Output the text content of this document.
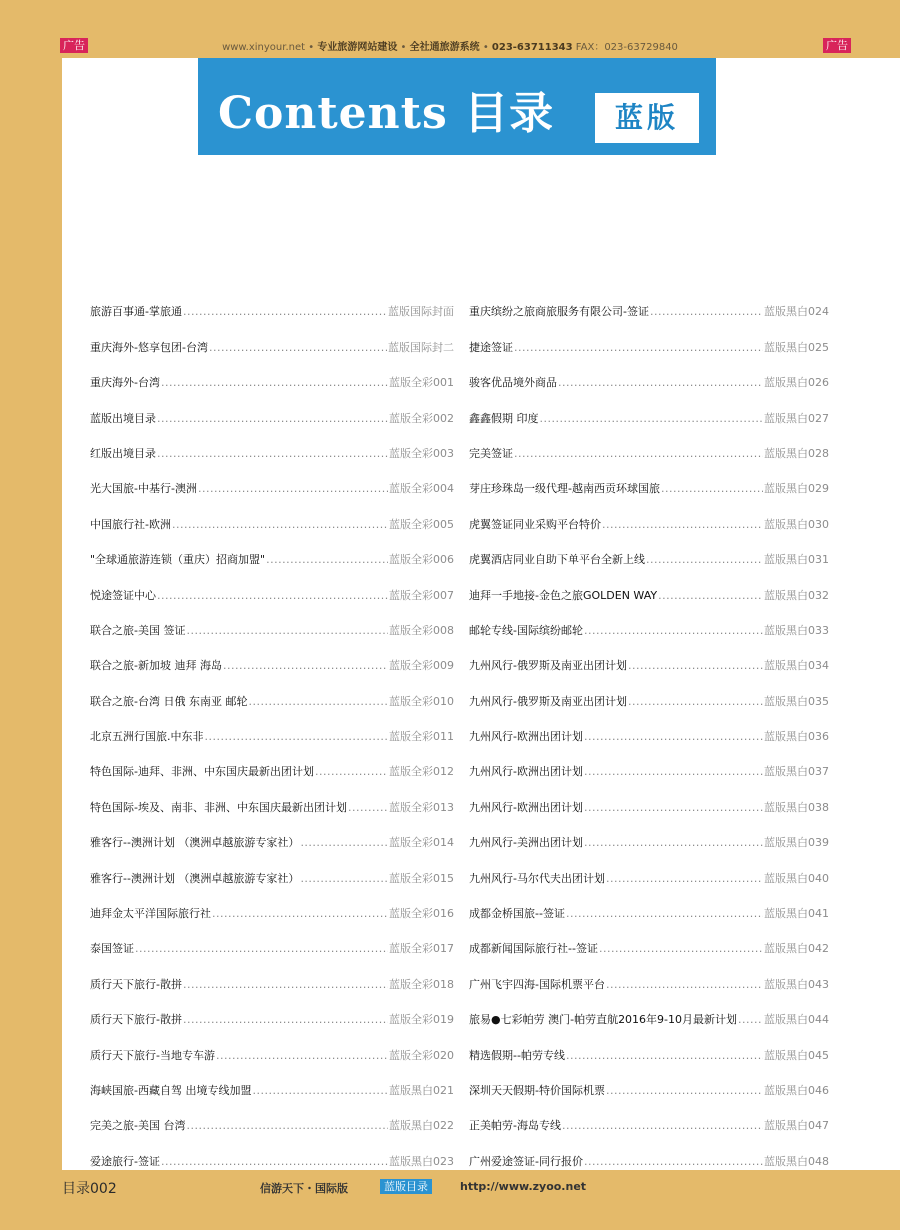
广告	www.xinyour.net • 专业旅游网站建设 • 全社通旅游系统 • 023-63711343 FAX：023-63729840	广告
Contents 目录	蓝版
旅游百事通-掌旅通 .....	蓝版国际封面
重庆海外-悠享包团-台湾 .....	蓝版国际封二
重庆海外-台湾 .....	蓝版全彩001
蓝版出境目录 .....	蓝版全彩002
红版出境目录 .....	蓝版全彩003
光大国旅-中基行-澳洲 .....	蓝版全彩004
中国旅行社-欧洲 .....	蓝版全彩005
"全球通旅游连锁（重庆）招商加盟" .....	蓝版全彩006
悦途签证中心 .....	蓝版全彩007
联合之旅-美国 签证 .....	蓝版全彩008
联合之旅-新加坡 迪拜 海岛 .....	蓝版全彩009
联合之旅-台湾 日俄 东南亚 邮轮 .....	蓝版全彩010
北京五洲行国旅.中东非 .....	蓝版全彩011
特色国际-迪拜、非洲、中东国庆最新出团计划 .....	蓝版全彩012
特色国际-埃及、南非、非洲、中东国庆最新出团计划 .....	蓝版全彩013
雅客行--澳洲计划 （澳洲卓越旅游专家社） .....	蓝版全彩014
雅客行--澳洲计划 （澳洲卓越旅游专家社） .....	蓝版全彩015
迪拜金太平洋国际旅行社 .....	蓝版全彩016
泰国签证 .....	蓝版全彩017
质行天下旅行-散拼 .....	蓝版全彩018
质行天下旅行-散拼 .....	蓝版全彩019
质行天下旅行-当地专车游 .....	蓝版全彩020
海峡国旅-西藏自驾 出境专线加盟 .....	蓝版黑白021
完美之旅-美国 台湾 .....	蓝版黑白022
爱途旅行-签证 .....	蓝版黑白023
重庆缤纷之旅商旅服务有限公司-签证 .....	蓝版黑白024
捷途签证 .....	蓝版黑白025
骏客优品境外商品 .....	蓝版黑白026
鑫鑫假期 印度 .....	蓝版黑白027
完美签证 .....	蓝版黑白028
芽庄珍珠岛一级代理-越南西贡环球国旅 .....	蓝版黑白029
虎翼签证同业采购平台特价 .....	蓝版黑白030
虎翼酒店同业自助下单平台全新上线 .....	蓝版黑白031
迪拜一手地接-金色之旅GOLDEN WAY .....	蓝版黑白032
邮轮专线-国际缤纷邮轮 .....	蓝版黑白033
九州风行-俄罗斯及南亚出团计划 .....	蓝版黑白034
九州风行-俄罗斯及南亚出团计划 .....	蓝版黑白035
九州风行-欧洲出团计划 .....	蓝版黑白036
九州风行-欧洲出团计划 .....	蓝版黑白037
九州风行-欧洲出团计划 .....	蓝版黑白038
九州风行-美洲出团计划 .....	蓝版黑白039
九州风行-马尔代夫出团计划 .....	蓝版黑白040
成都金桥国旅--签证 .....	蓝版黑白041
成都新闻国际旅行社--签证 .....	蓝版黑白042
广州飞宇四海-国际机票平台 .....	蓝版黑白043
旅易●七彩帕劳 澳门-帕劳直航2016年9-10月最新计划 ..... 蓝版黑白044
精选假期--帕劳专线 .....	蓝版黑白045
深圳天天假期-特价国际机票 .....	蓝版黑白046
正美帕劳-海岛专线 .....	蓝版黑白047
广州爱途签证-同行报价 .....	蓝版黑白048
目录002	信游天下・国际版	蓝版目录	http://www.zyoo.net
